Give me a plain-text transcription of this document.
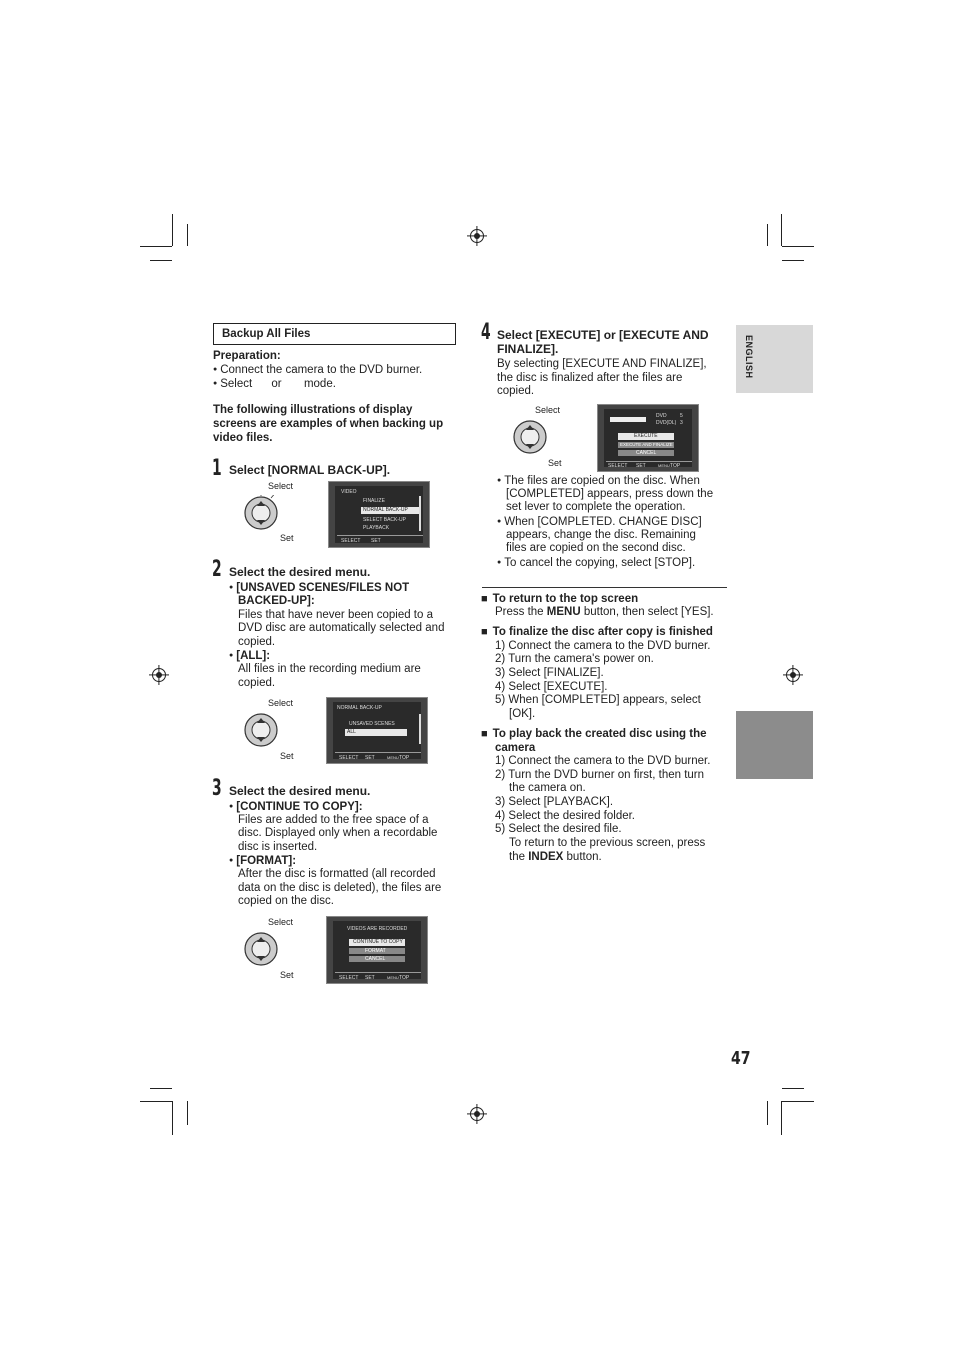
ENGLISH
Backup All Files
Preparation:
● Connect the camera to the DVD burner.
● Select      or       mode.
The following illustrations of display
screens are examples of when backing up
video files.
1 Select [NORMAL BACK-UP].
Select
Set
VIDEO
FINALIZE
NORMAL BACK-UP
SELECT BACK-UP
PLAYBACK
SELECT SET
2 Select the desired menu.
● [UNSAVED SCENES/FILES NOT
BACKED-UP]:
Files that have never been copied to a
DVD disc are automatically selected and
copied.
● [ALL]:
All files in the recording medium are
copied.
Select
Set
NORMAL BACK-UP
UNSAVED SCENES
ALL
SELECT SET	MENU TOP
3 Select the desired menu.
● [CONTINUE TO COPY]:
Files are added to the free space of a
disc. Displayed only when a recordable
disc is inserted.
● [FORMAT]:
After the disc is formatted (all recorded
data on the disc is deleted), the files are
copied on the disc.
Select
Set
VIDEOS ARE RECORDED
CONTINUE TO COPY
FORMAT
CANCEL
SELECT SET	MENU TOP
4 Select [EXECUTE] or [EXECUTE AND
FINALIZE].
By selecting [EXECUTE AND FINALIZE],
the disc is finalized after the files are
copied.
Select
Set
DVD	5
DVD(DL) 3
EXECUTE
EXECUTE AND FINALIZE
CANCEL
SELECT SET	MENU TOP
● The files are copied on the disc. When
[COMPLETED] appears, press down the
set lever to complete the operation.
● When [COMPLETED. CHANGE DISC]
appears, change the disc. Remaining
files are copied on the second disc.
● To cancel the copying, select [STOP].
■ To return to the top screen
Press the MENU button, then select [YES].
■ To finalize the disc after copy is finished
1) Connect the camera to the DVD burner.
2) Turn the camera's power on.
3) Select [FINALIZE].
4) Select [EXECUTE].
5) When [COMPLETED] appears, select
[OK].
■ To play back the created disc using the
camera
1) Connect the camera to the DVD burner.
2) Turn the DVD burner on first, then turn
the camera on.
3) Select [PLAYBACK].
4) Select the desired folder.
5) Select the desired file.
To return to the previous screen, press
the INDEX button.
47
